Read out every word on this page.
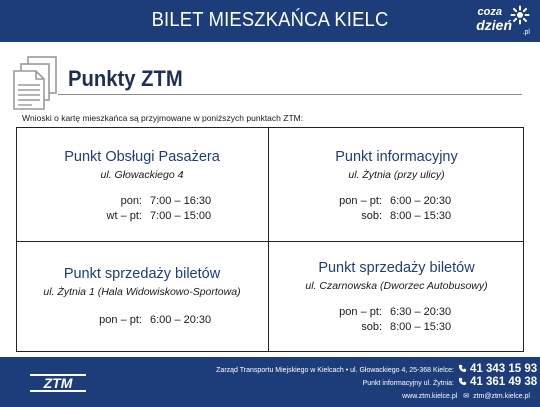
BILET MIESZKAŃCA KIELC	coza
dzień .pl
Punkty ZTM
Wnioski o kartę mieszkańca są przyjmowane w poniższych punktach ZTM:
Punkt Obsługi Pasażera
ul. Głowackiego 4
pon: 7:00 – 16:30
wt – pt: 7:00 – 15:00
Punkt informacyjny
ul. Żytnia (przy ulicy)
pon – pt: 6:00 – 20:30
sob: 8:00 – 15:30
Punkt sprzedaży biletów
ul. Żytnia 1 (Hala Widowiskowo-Sportowa)
pon – pt: 6:00 – 20:30
Punkt sprzedaży biletów
ul. Czarnowska (Dworzec Autobusowy)
pon – pt: 6:30 – 20:30
sob: 8:00 – 15:30
ZTM
Zarząd Transportu Miejskiego w Kielcach • ul. Głowackiego 4, 25-368 Kielce:	41 343 15 93
Punkt informacyjny ul. Żytnia:	41 361 49 38
www.ztm.kielce.pl ✉ ztm@ztm.kielce.pl
